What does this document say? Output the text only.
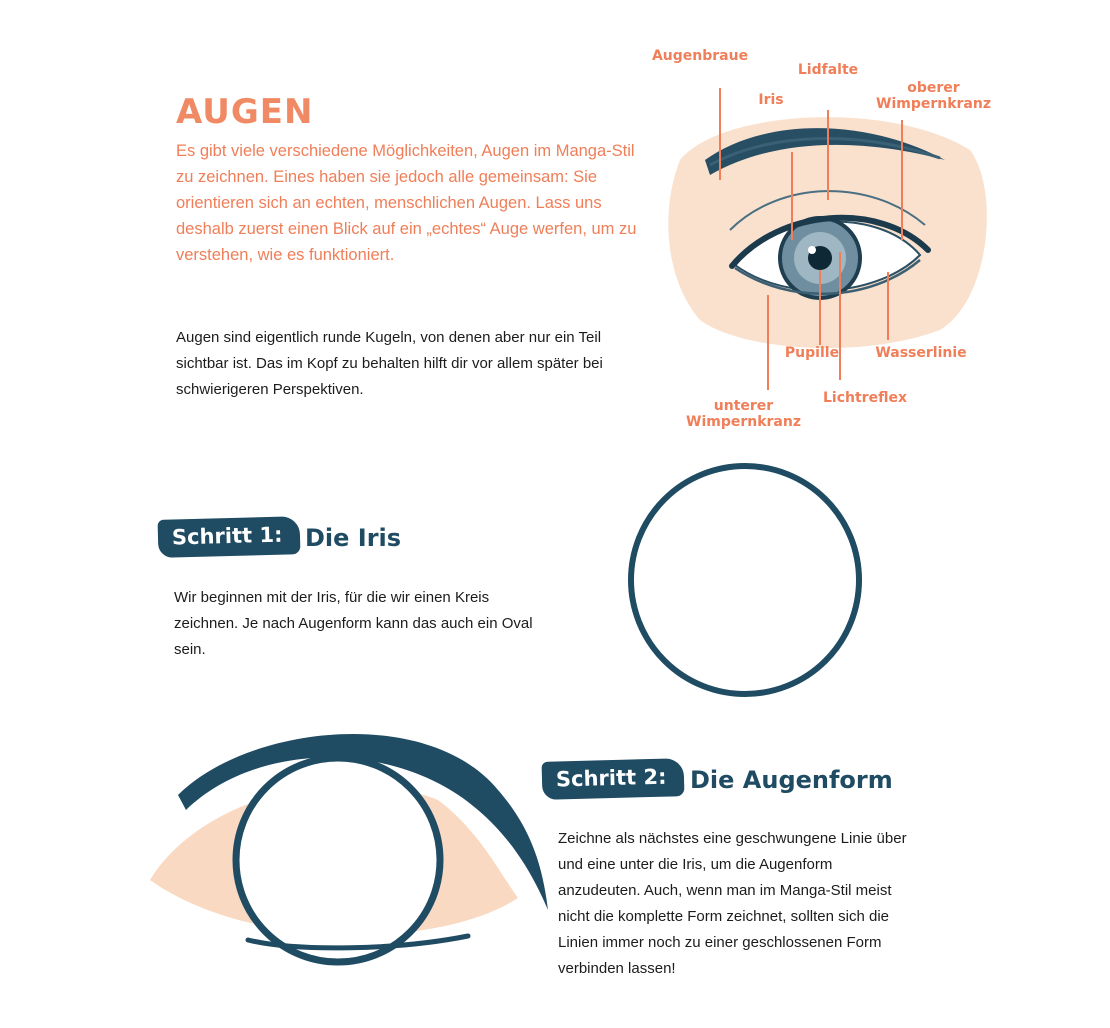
AUGEN

Es gibt viele verschiedene Möglichkeiten, Augen im Manga-Stil zu zeichnen. Eines haben sie jedoch alle gemeinsam: Sie orientieren sich an echten, menschlichen Augen. Lass uns deshalb zuerst einen Blick auf ein „echtes“ Auge werfen, um zu verstehen, wie es funktioniert.

Augen sind eigentlich runde Kugeln, von denen aber nur ein Teil sichtbar ist. Das im Kopf zu behalten hilft dir vor allem später bei schwierigeren Perspektiven.

Augenbraue
Lidfalte
Iris
oberer Wimpernkranz
Pupille	Wasserlinie
Lichtreflex
unterer Wimpernkranz
Schritt 1: Die Iris

Wir beginnen mit der Iris, für die wir einen Kreis zeichnen. Je nach Augenform kann das auch ein Oval sein.

Schritt 2: Die Augenform

Zeichne als nächstes eine geschwungene Linie über und eine unter die Iris, um die Augenform anzudeuten. Auch, wenn man im Manga-Stil meist nicht die komplette Form zeichnet, sollten sich die Linien immer noch zu einer geschlossenen Form verbinden lassen!
